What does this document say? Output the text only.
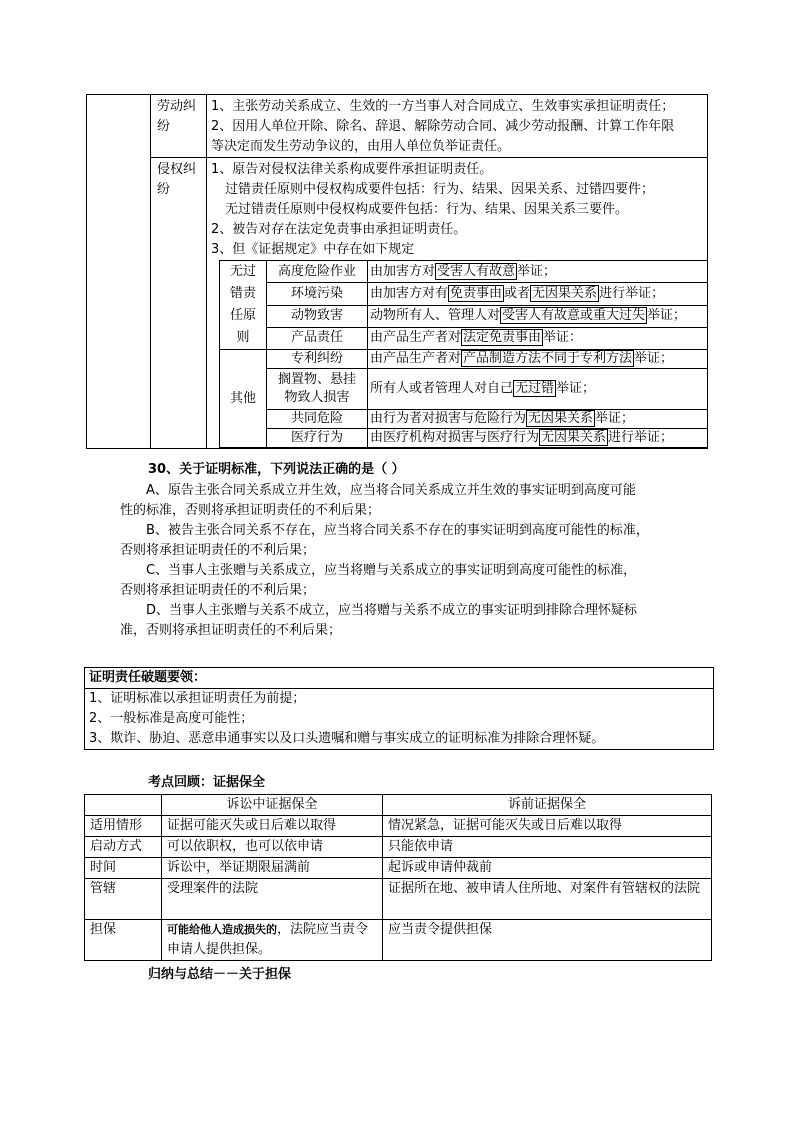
	劳动纠纷	

1、主张劳动关系成立、生效的一方当事人对合同成立、生效事实承担证明责任；

2、因用人单位开除、除名、辞退、解除劳动合同、减少劳动报酬、计算工作年限

等决定而发生劳动争议的，由用人单位负举证责任。

侵权纠纷	

1、原告对侵权法律关系构成要件承担证明责任。

过错责任原则中侵权构成要件包括：行为、结果、因果关系、过错四要件；

无过错责任原则中侵权构成要件包括：行为、结果、因果关系三要件。

2、被告对存在法定免责事由承担证明责任。

3、但《证据规定》中存在如下规定

无过错责任原则	高度危险作业	由加害方对 受害人有故意 举证；
环境污染	由加害方对有 免责事由 或者 无因果关系 进行举证；
动物致害	动物所有人、管理人对 受害人有故意或重大过失 举证；
产品责任	由产品生产者对 法定免责事由 举证：
其他	专利纠纷	由产品生产者对 产品制造方法不同于专利方法 举证；
搁置物、悬挂物致人损害	所有人或者管理人对自己 无过错 举证；
共同危险	由行为者对损害与危险行为 无因果关系 举证；
医疗行为	由医疗机构对损害与医疗行为 无因果关系 进行举证；
30、关于证明标准，下列说法正确的是（ ）
A、原告主张合同关系成立并生效，应当将合同关系成立并生效的事实证明到高度可能
性的标准，否则将承担证明责任的不利后果；
B、被告主张合同关系不存在，应当将合同关系不存在的事实证明到高度可能性的标准，
否则将承担证明责任的不利后果；
C、当事人主张赠与关系成立，应当将赠与关系成立的事实证明到高度可能性的标准，
否则将承担证明责任的不利后果；
D、当事人主张赠与关系不成立，应当将赠与关系不成立的事实证明到排除合理怀疑标
准，否则将承担证明责任的不利后果；
证明责任破题要领：
1、证明标准以承担证明责任为前提；
2、一般标准是高度可能性；
3、欺诈、胁迫、恶意串通事实以及口头遗嘱和赠与事实成立的证明标准为排除合理怀疑。
考点回顾：证据保全
	诉讼中证据保全	诉前证据保全
适用情形	证据可能灭失或日后难以取得	情况紧急，证据可能灭失或日后难以取得
启动方式	可以依职权，也可以依申请	只能依申请
时间	诉讼中，举证期限届满前	起诉或申请仲裁前
管辖	受理案件的法院	证据所在地、被申请人住所地、对案件有管辖权的法院
担保	可能给他人造成损失的，法院应当责令申请人提供担保。	应当责令提供担保
归纳与总结－－关于担保
